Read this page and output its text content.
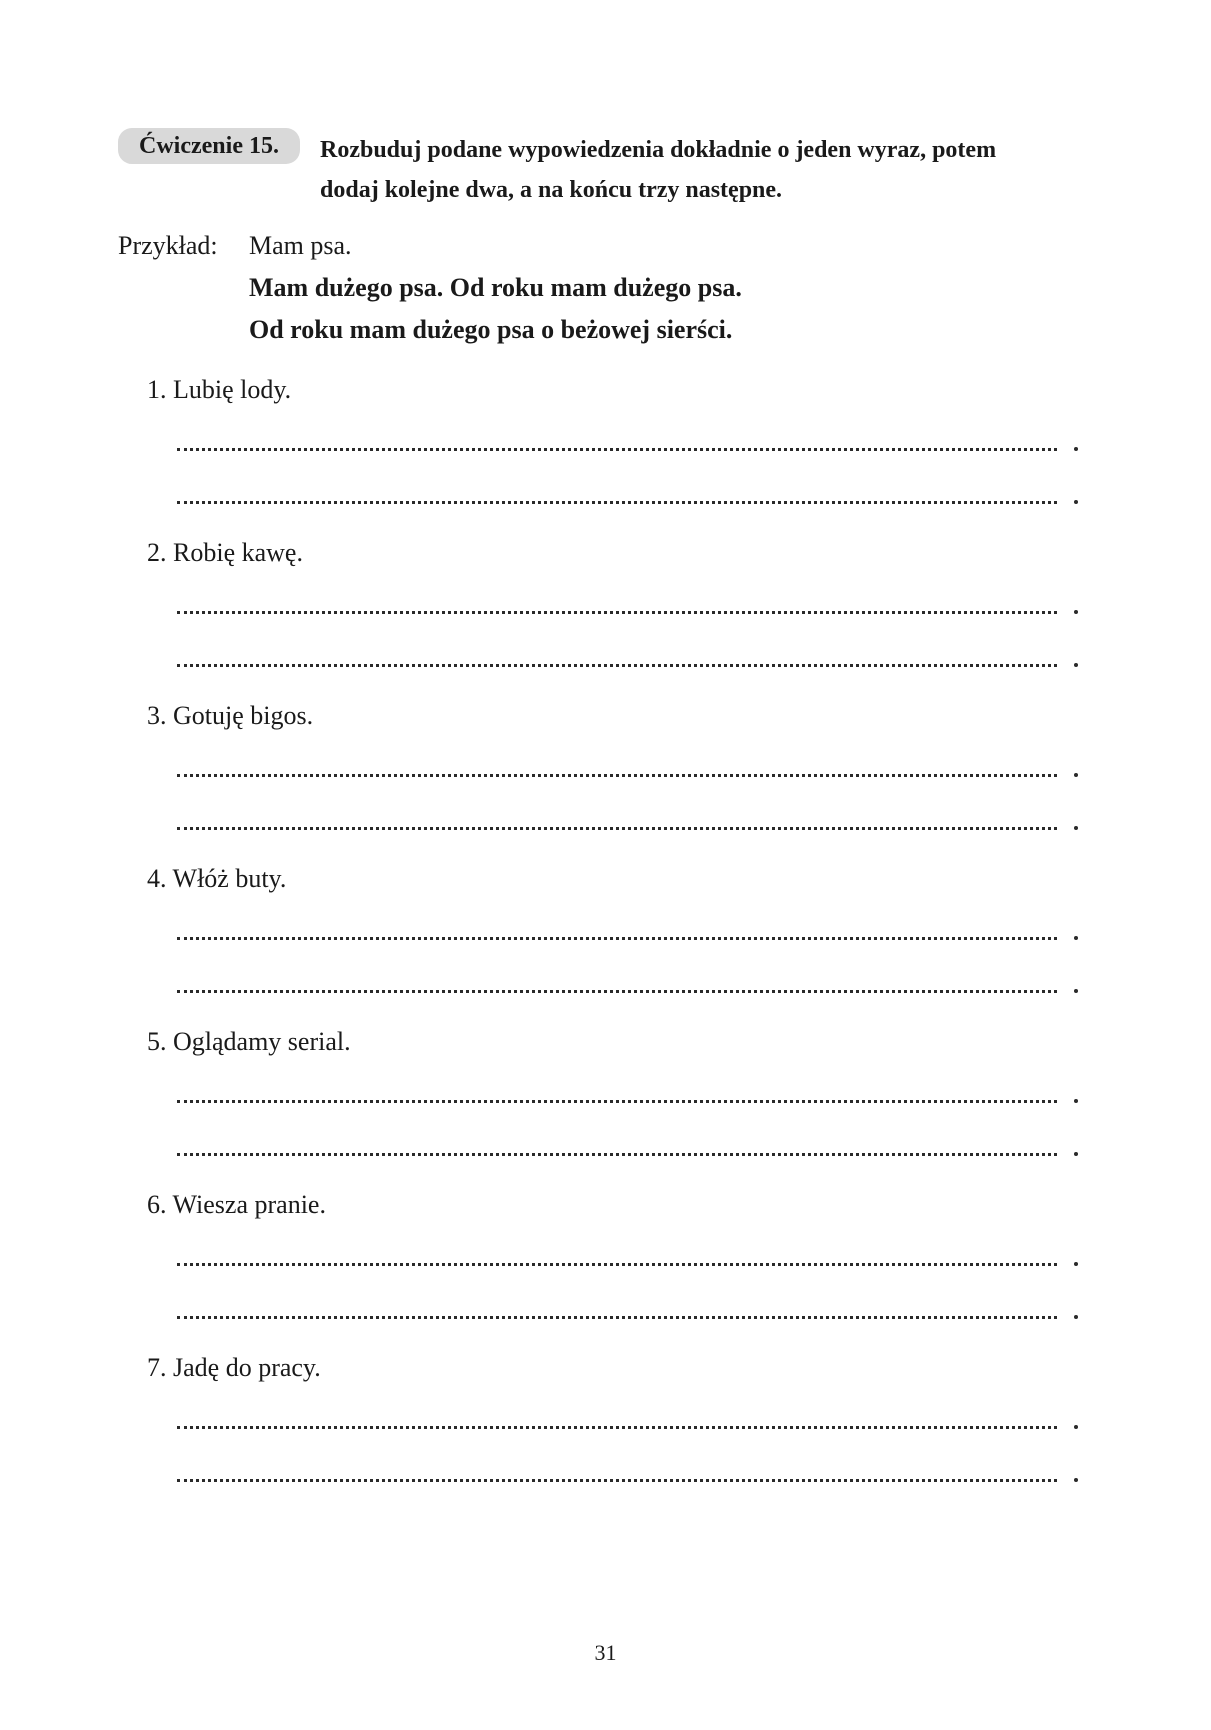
Ćwiczenie 15.	Rozbuduj podane wypowiedzenia dokładnie o jeden wyraz, potem dodaj kolejne dwa, a na końcu trzy następne.
Przykład: Mam psa.
Mam dużego psa. Od roku mam dużego psa.
Od roku mam dużego psa o beżowej sierści.
1. Lubię lody.
2. Robię kawę.
3. Gotuję bigos.
4. Włóż buty.
5. Oglądamy serial.
6. Wiesza pranie.
7. Jadę do pracy.
31
